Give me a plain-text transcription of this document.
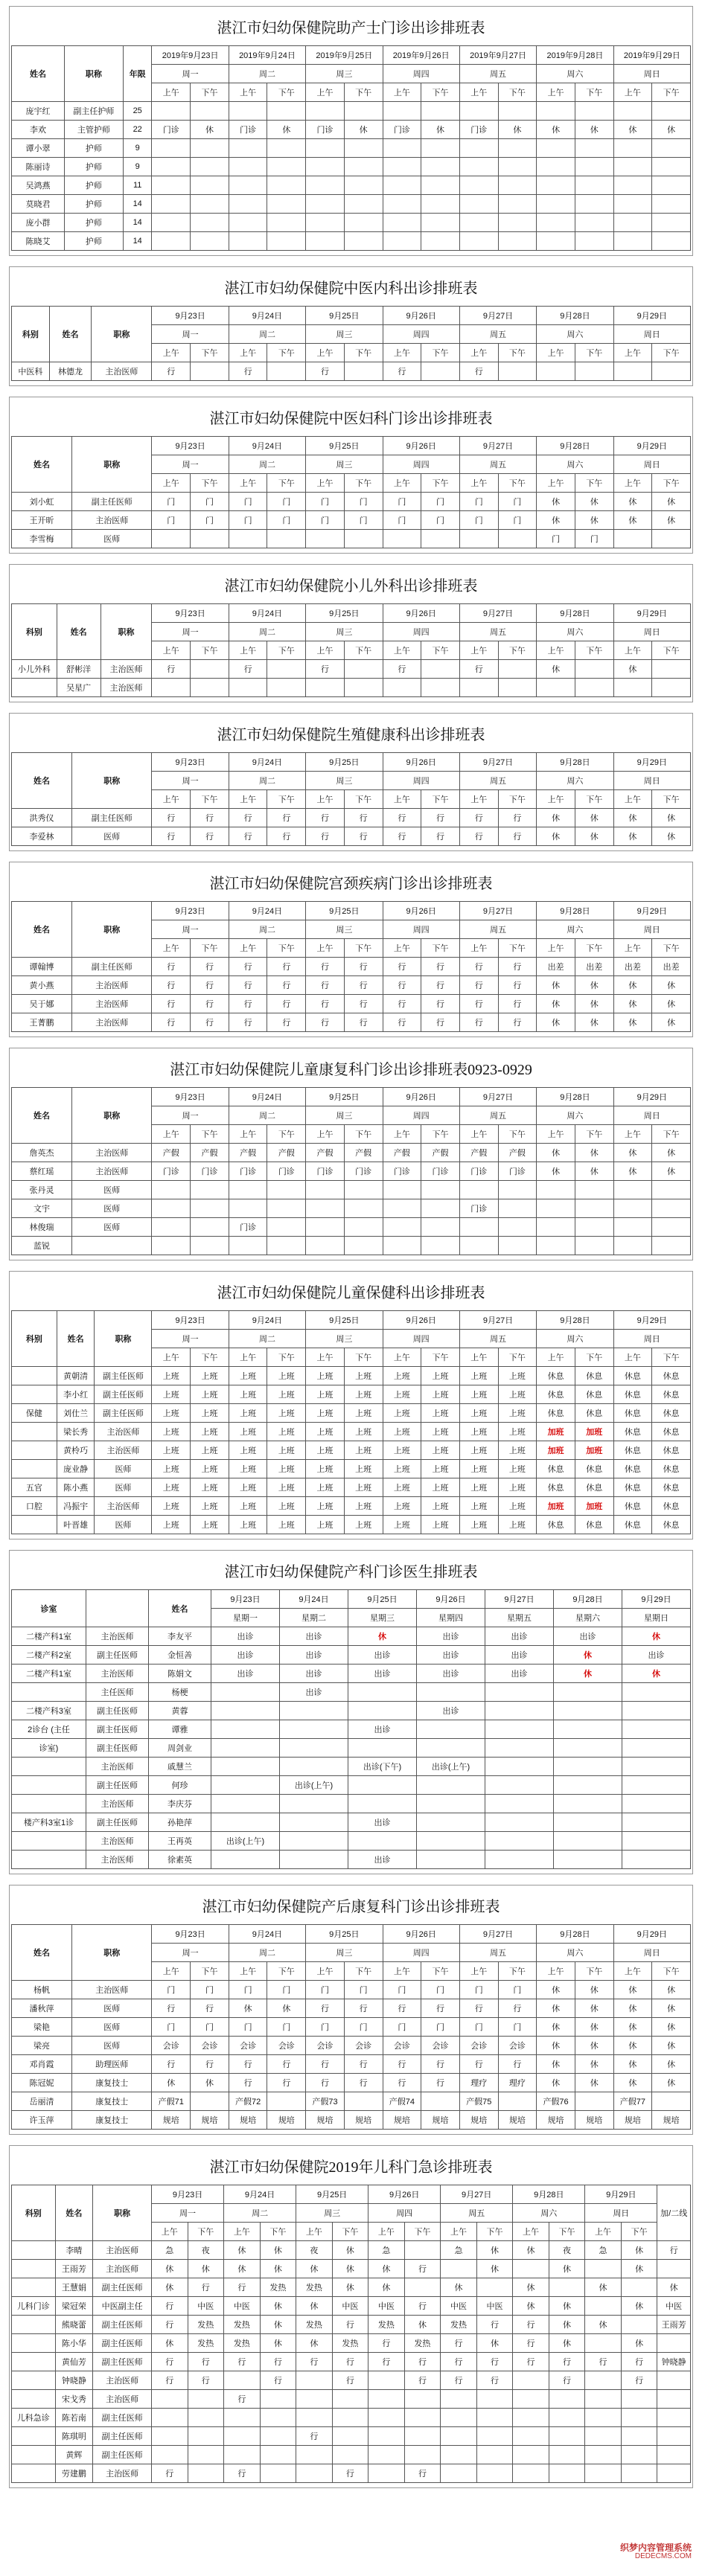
湛江市妇幼保健院助产士门诊出诊排班表
姓名	职称	年限	2019年9月23日		2019年9月24日		2019年9月25日		2019年9月26日		2019年9月27日		2019年9月28日		2019年9月29日	
			周一		周二		周三		周四		周五		周六		周日	
			上午	下午	上午	下午	上午	下午	上午	下午	上午	下午	上午	下午	上午	下午
庞宇红	副主任护师	25														
李欢	主管护师	22	门诊	休	门诊	休	门诊	休	门诊	休	门诊	休	休	休	休	休
谭小翠	护师	9														
陈丽诗	护师	9														
吴鸿燕	护师	11														
莫晓君	护师	14														
庞小群	护师	14														
陈晓艾	护师	14														
湛江市妇幼保健院中医内科出诊排班表
科别	姓名	职称	9月23日		9月24日		9月25日		9月26日		9月27日		9月28日		9月29日	
			周一		周二		周三		周四		周五		周六		周日	
			上午	下午	上午	下午	上午	下午	上午	下午	上午	下午	上午	下午	上午	下午
中医科	林德龙	主治医师	行		行		行		行		行					
湛江市妇幼保健院中医妇科门诊出诊排班表
姓名	职称	9月23日		9月24日		9月25日		9月26日		9月27日		9月28日		9月29日	
		周一		周二		周三		周四		周五		周六		周日	
		上午	下午	上午	下午	上午	下午	上午	下午	上午	下午	上午	下午	上午	下午
刘小虹	副主任医师	门	门	门	门	门	门	门	门	门	门	休	休	休	休
王开昕	主治医师	门	门	门	门	门	门	门	门	门	门	休	休	休	休
李雪梅	医师											门	门		
湛江市妇幼保健院小儿外科出诊排班表
科别	姓名	职称	9月23日		9月24日		9月25日		9月26日		9月27日		9月28日		9月29日	
			周一		周二		周三		周四		周五		周六		周日	
			上午	下午	上午	下午	上午	下午	上午	下午	上午	下午	上午	下午	上午	下午
小儿外科	舒彬洋	主治医师	行		行		行		行		行		休		休	
	吴星广	主治医师														
湛江市妇幼保健院生殖健康科出诊排班表
姓名	职称	9月23日		9月24日		9月25日		9月26日		9月27日		9月28日		9月29日	
		周一		周二		周三		周四		周五		周六		周日	
		上午	下午	上午	下午	上午	下午	上午	下午	上午	下午	上午	下午	上午	下午
洪秀仪	副主任医师	行	行	行	行	行	行	行	行	行	行	休	休	休	休
李爱林	医师	行	行	行	行	行	行	行	行	行	行	休	休	休	休
湛江市妇幼保健院宫颈疾病门诊出诊排班表
姓名	职称	9月23日		9月24日		9月25日		9月26日		9月27日		9月28日		9月29日	
		周一		周二		周三		周四		周五		周六		周日	
		上午	下午	上午	下午	上午	下午	上午	下午	上午	下午	上午	下午	上午	下午
谭翰博	副主任医师	行	行	行	行	行	行	行	行	行	行	出差	出差	出差	出差
黄小燕	主治医师	行	行	行	行	行	行	行	行	行	行	休	休	休	休
吴于娜	主治医师	行	行	行	行	行	行	行	行	行	行	休	休	休	休
王菁鹏	主治医师	行	行	行	行	行	行	行	行	行	行	休	休	休	休
湛江市妇幼保健院儿童康复科门诊出诊排班表0923-0929
姓名	职称	9月23日		9月24日		9月25日		9月26日		9月27日		9月28日		9月29日	
		周一		周二		周三		周四		周五		周六		周日	
		上午	下午	上午	下午	上午	下午	上午	下午	上午	下午	上午	下午	上午	下午
詹英杰	主治医师	产假	产假	产假	产假	产假	产假	产假	产假	产假	产假	休	休	休	休
蔡红瑶	主治医师	门诊	门诊	门诊	门诊	门诊	门诊	门诊	门诊	门诊	门诊	休	休	休	休
张丹灵	医师														
文宇	医师									门诊					
林俊瑞	医师			门诊											
蓝锐															
湛江市妇幼保健院儿童保健科出诊排班表
科别	姓名	职称	9月23日		9月24日		9月25日		9月26日		9月27日		9月28日		9月29日	
			周一		周二		周三		周四		周五		周六		周日	
			上午	下午	上午	下午	上午	下午	上午	下午	上午	下午	上午	下午	上午	下午
	黄朝清	副主任医师	上班	上班	上班	上班	上班	上班	上班	上班	上班	上班	休息	休息	休息	休息
	李小红	副主任医师	上班	上班	上班	上班	上班	上班	上班	上班	上班	上班	休息	休息	休息	休息
保健	刘仕兰	副主任医师	上班	上班	上班	上班	上班	上班	上班	上班	上班	上班	休息	休息	休息	休息
	梁长秀	主治医师	上班	上班	上班	上班	上班	上班	上班	上班	上班	上班	加班	加班	休息	休息
	黄柃巧	主治医师	上班	上班	上班	上班	上班	上班	上班	上班	上班	上班	加班	加班	休息	休息
	庞业静	医师	上班	上班	上班	上班	上班	上班	上班	上班	上班	上班	休息	休息	休息	休息
五官	陈小燕	医师	上班	上班	上班	上班	上班	上班	上班	上班	上班	上班	休息	休息	休息	休息
口腔	冯振宇	主治医师	上班	上班	上班	上班	上班	上班	上班	上班	上班	上班	加班	加班	休息	休息
	叶晋雄	医师	上班	上班	上班	上班	上班	上班	上班	上班	上班	上班	休息	休息	休息	休息
湛江市妇幼保健院产科门诊医生排班表
诊室		姓名	9月23日	9月24日	9月25日	9月26日	9月27日	9月28日	9月29日
			星期一	星期二	星期三	星期四	星期五	星期六	星期日
二楼产科1室	主治医师	李友平	出诊	出诊	休	出诊	出诊	出诊	休
二楼产科2室	副主任医师	金恒善	出诊	出诊	出诊	出诊	出诊	休	出诊
二楼产科1室	主治医师	陈娟文	出诊	出诊	出诊	出诊	出诊	休	休
	主任医师	杨梗		出诊					
二楼产科3室	副主任医师	黄蓉				出诊			
2诊台 (主任	副主任医师	谭雅			出诊				
诊室)	副主任医师	周剑业							
	主治医师	戚慧兰			出诊(下午)	出诊(上午)			
	副主任医师	何珍		出诊(上午)					
	主治医师	李庆芬							
楼产科3室1诊	副主任医师	孙艳萍			出诊				
	主治医师	王再英	出诊(上午)						
	主治医师	徐素英			出诊				
湛江市妇幼保健院产后康复科门诊出诊排班表
姓名	职称	9月23日		9月24日		9月25日		9月26日		9月27日		9月28日		9月29日	
		周一		周二		周三		周四		周五		周六		周日	
		上午	下午	上午	下午	上午	下午	上午	下午	上午	下午	上午	下午	上午	下午
杨帆	主治医师	门	门	门	门	门	门	门	门	门	门	休	休	休	休
潘秋萍	医师	行	行	休	休	行	行	行	行	行	行	休	休	休	休
梁艳	医师	门	门	门	门	门	门	门	门	门	门	休	休	休	休
梁亮	医师	会诊	会诊	会诊	会诊	会诊	会诊	会诊	会诊	会诊	会诊	休	休	休	休
邓肖霞	助理医师	行	行	行	行	行	行	行	行	行	行	休	休	休	休
陈冠妮	康复技士	休	休	行	行	行	行	行	行	理疗	理疗	休	休	休	休
岳丽清	康复技士	产假71		产假72		产假73		产假74		产假75		产假76		产假77	
许玉萍	康复技士	规培	规培	规培	规培	规培	规培	规培	规培	规培	规培	规培	规培	规培	规培
湛江市妇幼保健院2019年儿科门急诊排班表
科别	姓名	职称	9月23日		9月24日		9月25日		9月26日		9月27日		9月28日		9月29日		加/二线
			周一		周二		周三		周四		周五		周六		周日		
			上午	下午	上午	下午	上午	下午	上午	下午	上午	下午	上午	下午	上午	下午	
	李晴	主治医师	急	夜	休	休	夜	休	急		急	休	休	夜	急	休	行
	王雨芳	主治医师	休	休	休	休	休	休	休	行		休		休		休	
	王慧娟	副主任医师	休	行	行	发热	发热	休	休		休		休		休		休
儿科门诊	梁冠荣	中医副主任	行	中医	中医	休	休	中医	中医	行	中医	中医	休	休		休	中医
	熊晓蕾	副主任医师	行	发热	发热	休	发热	行	发热	休	发热	行	行	休	休		王雨芳
	陈小华	副主任医师	休	发热	发热	休	休	发热	行	发热	行	休	行	休		休	
	黄仙芳	副主任医师	行	行	行	行	行	行	行	行	行	行	行	行	行	行	钟晓静
	钟晓静	主治医师	行	行		行		行		行	行	行		行		行	
	宋戈秀	主治医师			行												
儿科急诊	陈若南	副主任医师															
	陈琪明	副主任医师					行										
	黄辉	副主任医师															
	劳建鹏	主治医师	行		行			行		行							
织梦内容管理系统
DEDECMS.COM
